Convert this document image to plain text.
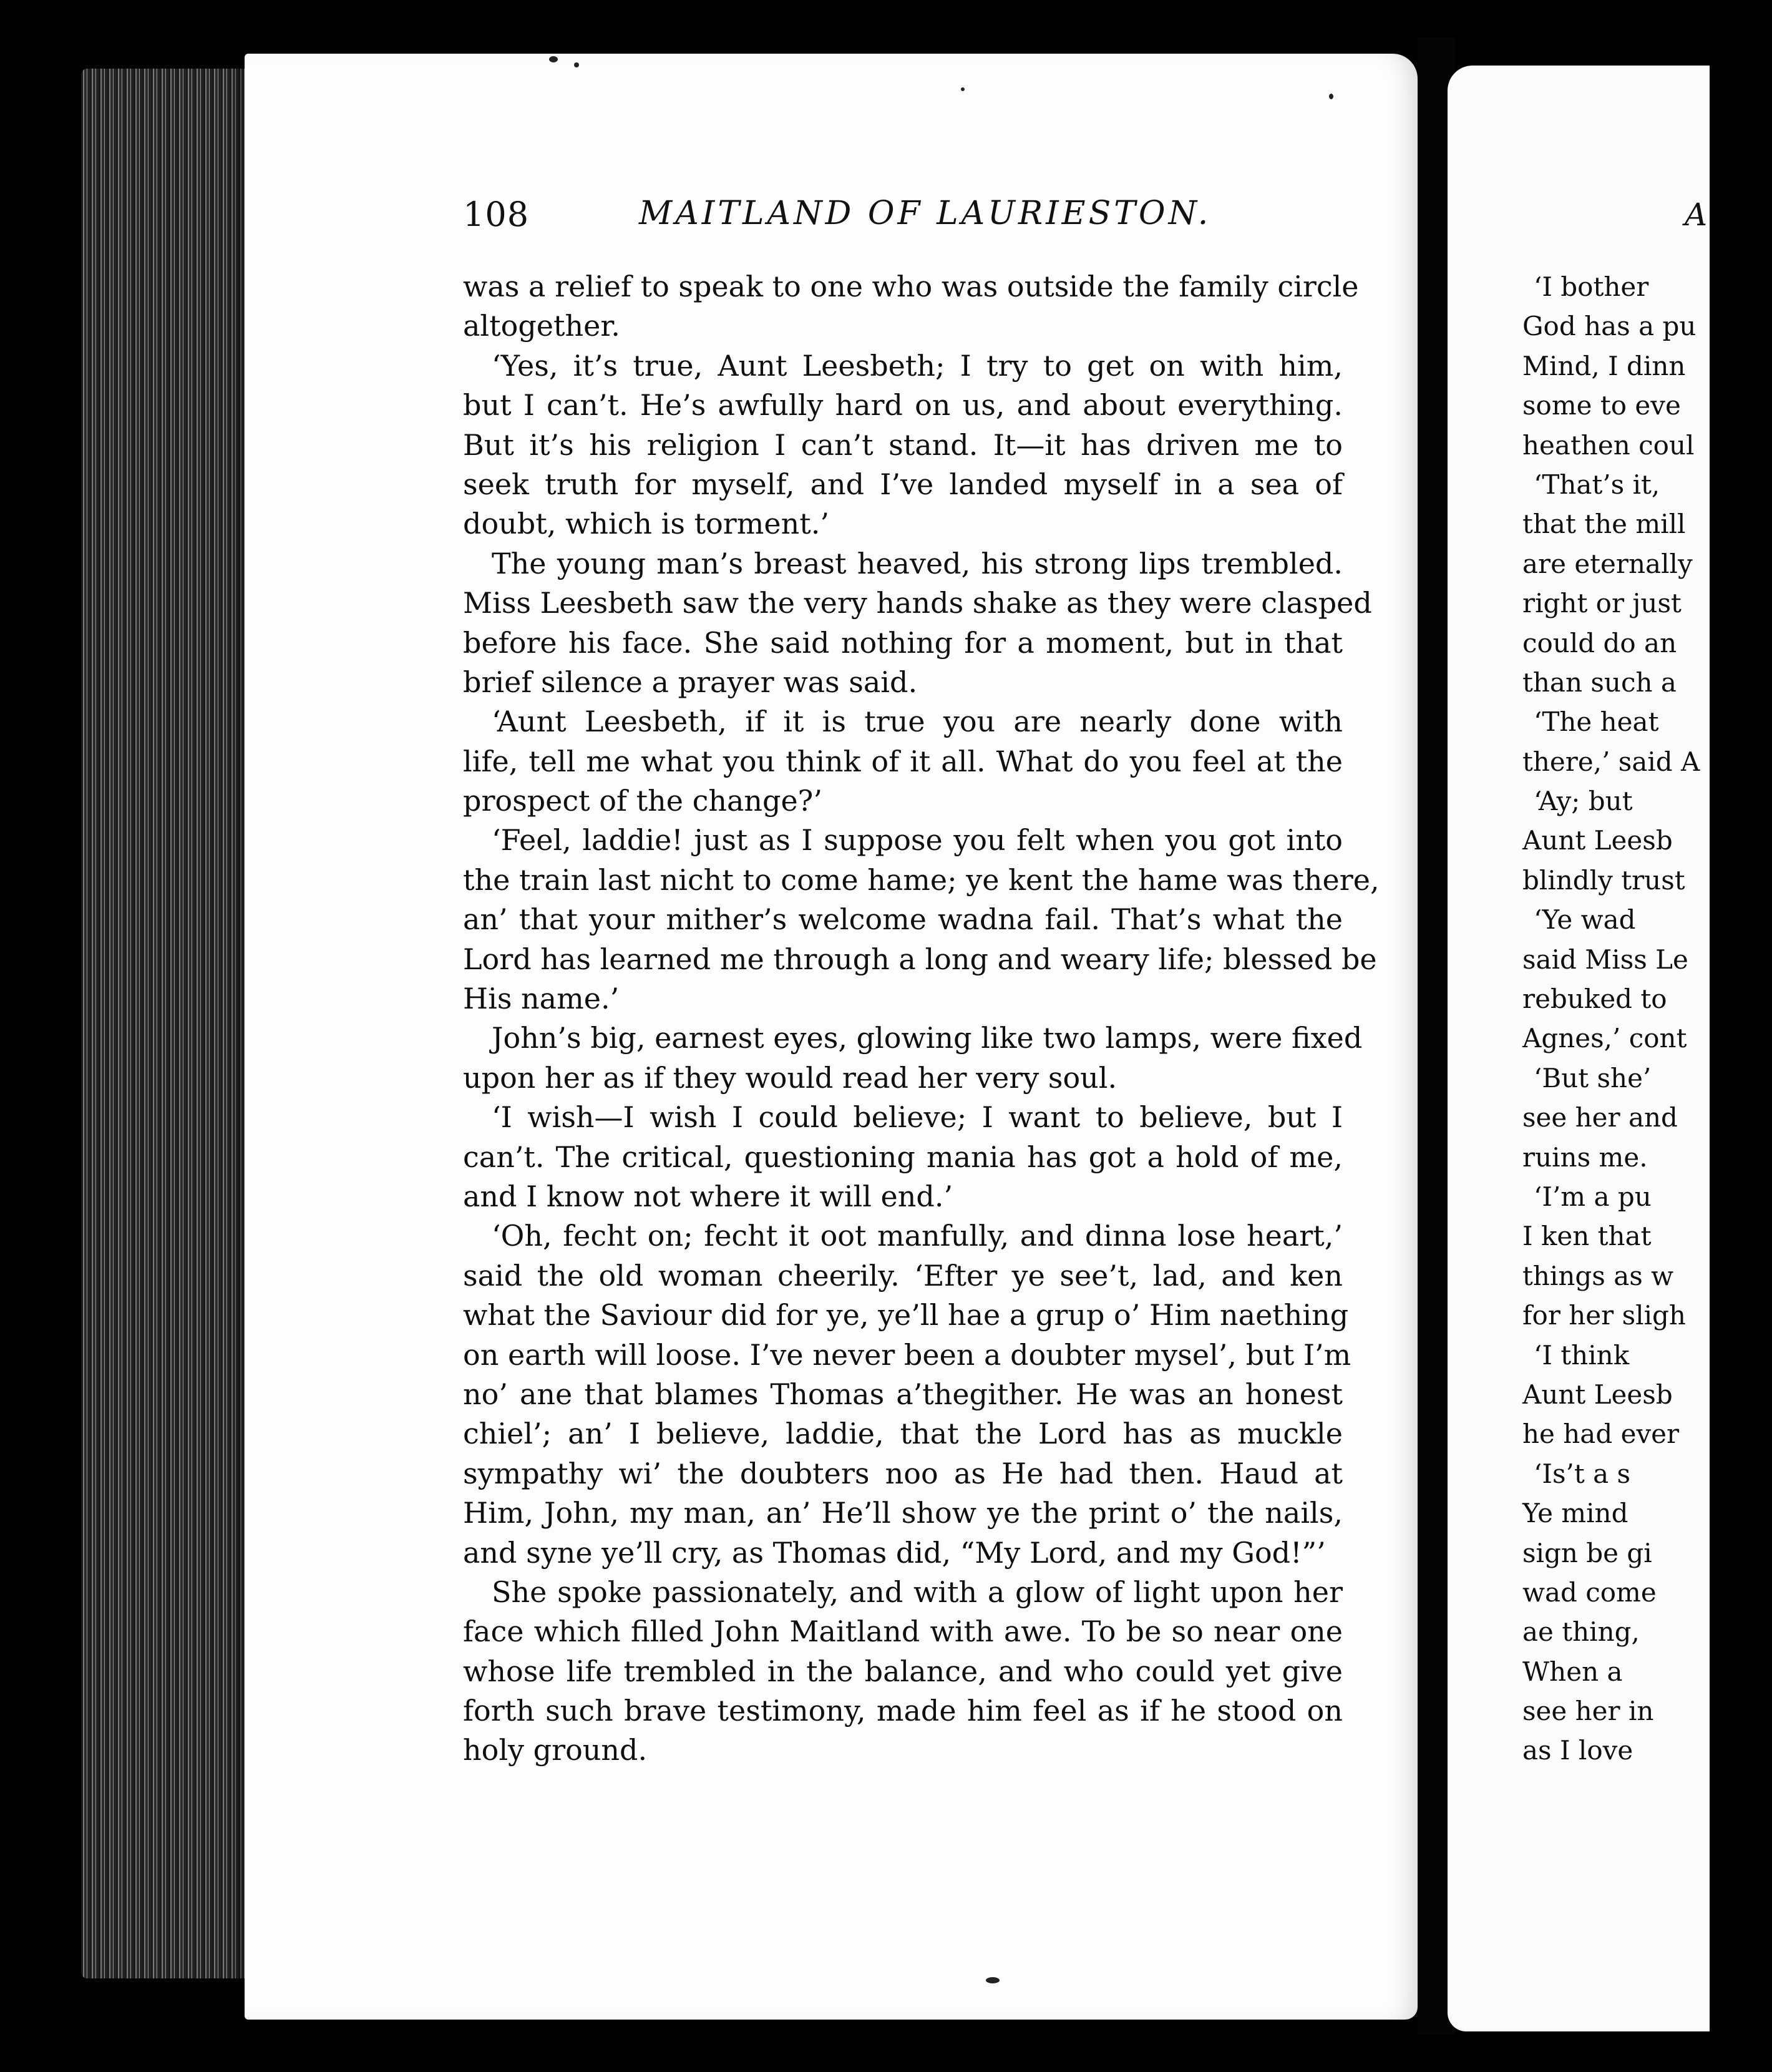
108	MAITLAND OF LAURIESTON.
was a relief to speak to one who was outside the family circle
altogether.
‘Yes, it’s true, Aunt Leesbeth; I try to get on with him,
but I can’t. He’s awfully hard on us, and about everything.
But it’s his religion I can’t stand. It—it has driven me to
seek truth for myself, and I’ve landed myself in a sea of
doubt, which is torment.’
The young man’s breast heaved, his strong lips trembled.
Miss Leesbeth saw the very hands shake as they were clasped
before his face. She said nothing for a moment, but in that
brief silence a prayer was said.
‘Aunt Leesbeth, if it is true you are nearly done with
life, tell me what you think of it all. What do you feel at the
prospect of the change?’
‘Feel, laddie! just as I suppose you felt when you got into
the train last nicht to come hame; ye kent the hame was there,
an’ that your mither’s welcome wadna fail. That’s what the
Lord has learned me through a long and weary life; blessed be
His name.’
John’s big, earnest eyes, glowing like two lamps, were fixed
upon her as if they would read her very soul.
‘I wish—I wish I could believe; I want to believe, but I
can’t. The critical, questioning mania has got a hold of me,
and I know not where it will end.’
‘Oh, fecht on; fecht it oot manfully, and dinna lose heart,’
said the old woman cheerily. ‘Efter ye see’t, lad, and ken
what the Saviour did for ye, ye’ll hae a grup o’ Him naething
on earth will loose. I’ve never been a doubter mysel’, but I’m
no’ ane that blames Thomas a’thegither. He was an honest
chiel’; an’ I believe, laddie, that the Lord has as muckle
sympathy wi’ the doubters noo as He had then. Haud at
Him, John, my man, an’ He’ll show ye the print o’ the nails,
and syne ye’ll cry, as Thomas did, “My Lord, and my God!”’
She spoke passionately, and with a glow of light upon her
face which filled John Maitland with awe. To be so near one
whose life trembled in the balance, and who could yet give
forth such brave testimony, made him feel as if he stood on
holy ground.
A
‘I bother
God has a pu
Mind, I dinn
some to eve
heathen coul
‘That’s it,
that the mill
are eternally
right or just
could do an
than such a
‘The heat
there,’ said A
‘Ay; but
Aunt Leesb
blindly trust
‘Ye wad
said Miss Le
rebuked to
Agnes,’ cont
‘But she’
see her and
ruins me.
‘I’m a pu
I ken that
things as w
for her sligh
‘I think
Aunt Leesb
he had ever
‘Is’t a s
Ye mind
sign be gi
wad come
ae thing,
When a
see her in
as I love
